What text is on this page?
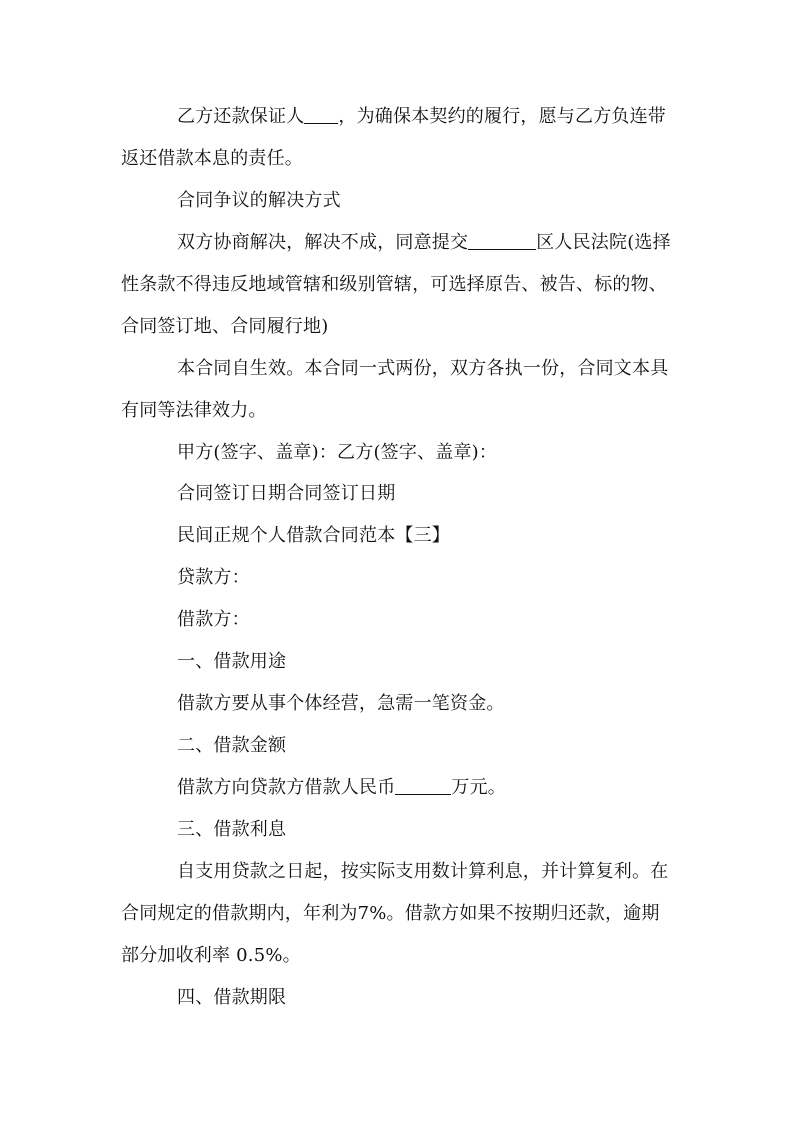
乙方还款保证人 ，为确保本契约的履行，愿与乙方负连带
返还借款本息的责任。
合同争议的解决方式
双方协商解决，解决不成，同意提交	区人民法院(选择
性条款不得违反地域管辖和级别管辖，可选择原告、被告、标的物、
合同签订地、合同履行地)
本合同自生效。本合同一式两份，双方各执一份，合同文本具
有同等法律效力。
甲方(签字、盖章)：乙方(签字、盖章)：
合同签订日期合同签订日期
民间正规个人借款合同范本【三】
贷款方：
借款方：
一、借款用途
借款方要从事个体经营，急需一笔资金。
二、借款金额
借款方向贷款方借款人民币	万元。
三、借款利息
自支用贷款之日起，按实际支用数计算利息，并计算复利。在
合同规定的借款期内，年利为7%。借款方如果不按期归还款，逾期
部分加收利率 0.5%。
四、借款期限
